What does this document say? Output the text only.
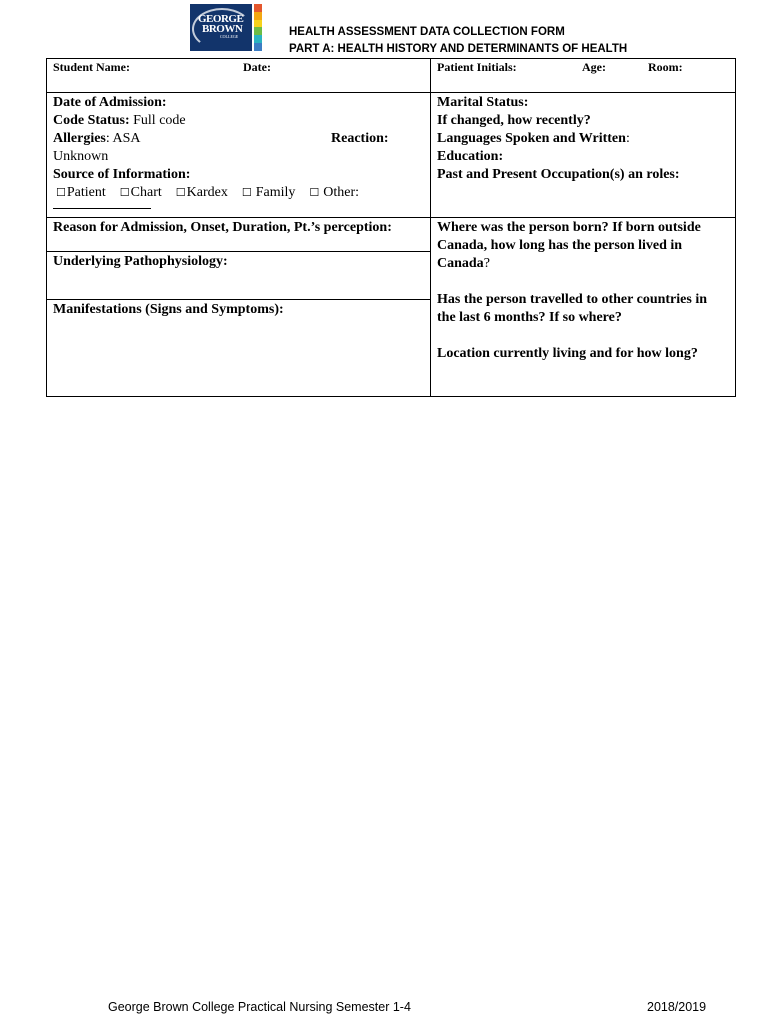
GEORGE
BROWN
COLLEGE	HEALTH ASSESSMENT DATA COLLECTION FORM
PART A: HEALTH HISTORY AND DETERMINANTS OF HEALTH
Student Name:	Date:	Patient Initials:	Age:	Room:
Date of Admission:
Code Status: Full code
Allergies: ASA	Reaction:
Unknown
Source of Information:
☐Patient ☐Chart ☐Kardex ☐ Family ☐ Other:
Marital Status:
If changed, how recently?
Languages Spoken and Written:
Education:
Past and Present Occupation(s) an roles:
Reason for Admission, Onset, Duration, Pt.’s perception:
Underlying Pathophysiology:
Manifestations (Signs and Symptoms):
Where was the person born? If born outside
Canada, how long has the person lived in
Canada?
Has the person travelled to other countries in
the last 6 months? If so where?
Location currently living and for how long?
George Brown College Practical Nursing Semester 1-4	2018/2019
